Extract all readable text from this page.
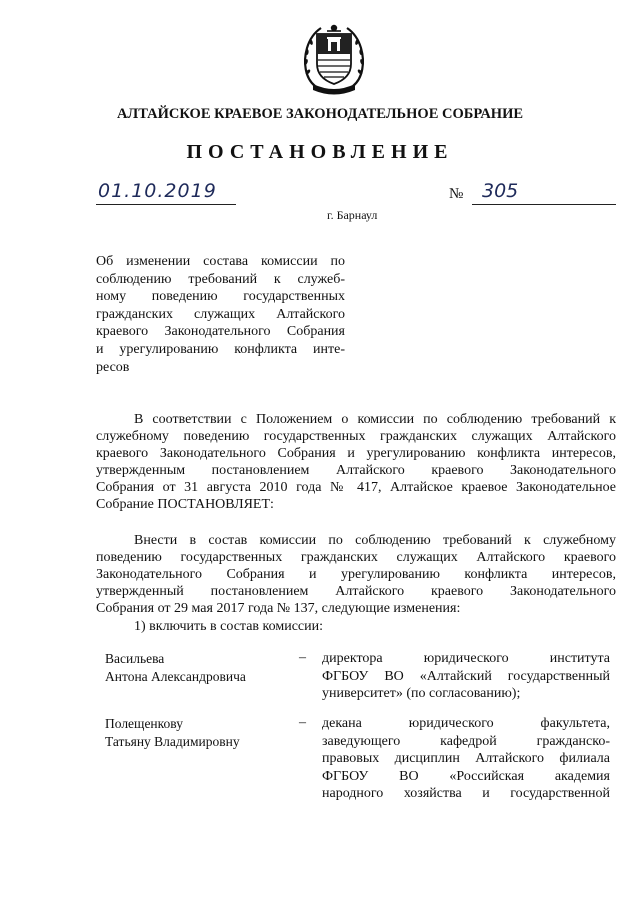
АЛТАЙСКОЕ КРАЕВОЕ ЗАКОНОДАТЕЛЬНОЕ СОБРАНИЕ
ПОСТАНОВЛЕНИЕ
01.10.2019	№ 305
г. Барнаул
Об изменении состава комиссии по
соблюдению требований к служеб-
ному поведению государственных
гражданских служащих Алтайского
краевого Законодательного Собрания
и урегулированию конфликта инте-
ресов
В соответствии с Положением о комиссии по соблюдению требований к
служебному поведению государственных гражданских служащих Алтайского
краевого Законодательного Собрания и урегулированию конфликта интересов,
утвержденным постановлением Алтайского краевого Законодательного
Собрания от 31 августа 2010 года № 417, Алтайское краевое Законодательное
Собрание ПОСТАНОВЛЯЕТ:
Внести в состав комиссии по соблюдению требований к служебному
поведению государственных гражданских служащих Алтайского краевого
Законодательного Собрания и урегулированию конфликта интересов,
утвержденный постановлением Алтайского краевого Законодательного
Собрания от 29 мая 2017 года № 137, следующие изменения:
1) включить в состав комиссии:
Васильева
Антона Александровича
– директора юридического института
ФГБОУ ВО «Алтайский государственный
университет» (по согласованию);
Полещенкову
Татьяну Владимировну
– декана юридического факультета,
заведующего кафедрой гражданско-
правовых дисциплин Алтайского филиала
ФГБОУ ВО «Российская академия
народного хозяйства и государственной
